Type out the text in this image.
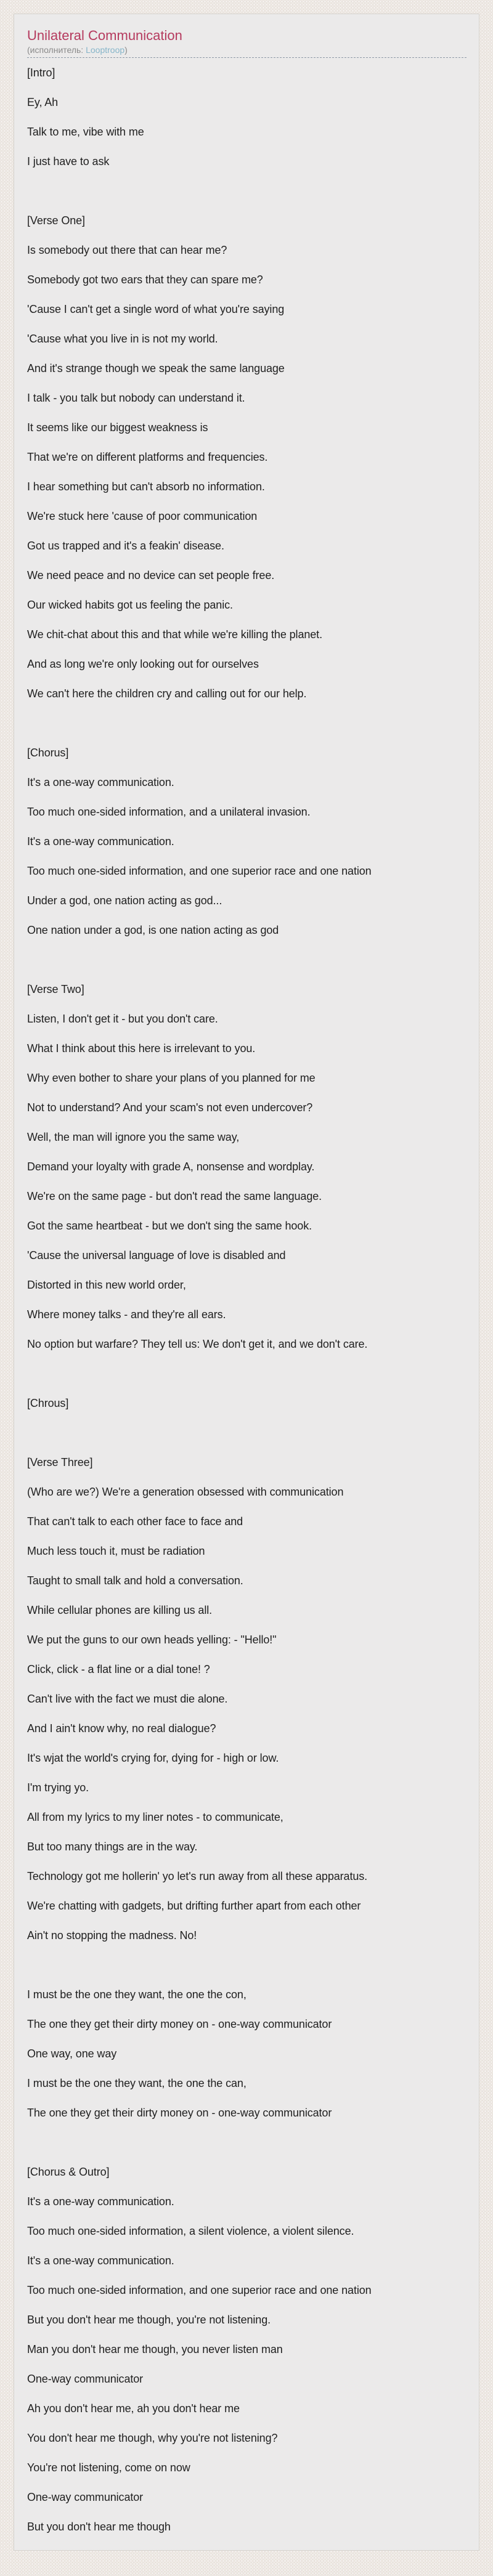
Unilateral Communication
(исполнитель: Looptroop)
[Intro]
Ey, Ah
Talk to me, vibe with me
I just have to ask
[Verse One]
Is somebody out there that can hear me?
Somebody got two ears that they can spare me?
'Cause I can't get a single word of what you're saying
'Cause what you live in is not my world.
And it's strange though we speak the same language
I talk - you talk but nobody can understand it.
It seems like our biggest weakness is
That we're on different platforms and frequencies.
I hear something but can't absorb no information.
We're stuck here 'cause of poor communication
Got us trapped and it's a feakin' disease.
We need peace and no device can set people free.
Our wicked habits got us feeling the panic.
We chit-chat about this and that while we're killing the planet.
And as long we're only looking out for ourselves
We can't here the children cry and calling out for our help.
[Chorus]
It's a one-way communication.
Too much one-sided information, and a unilateral invasion.
It's a one-way communication.
Too much one-sided information, and one superior race and one nation
Under a god, one nation acting as god...
One nation under a god, is one nation acting as god
[Verse Two]
Listen, I don't get it - but you don't care.
What I think about this here is irrelevant to you.
Why even bother to share your plans of you planned for me
Not to understand? And your scam's not even undercover?
Well, the man will ignore you the same way,
Demand your loyalty with grade A, nonsense and wordplay.
We're on the same page - but don't read the same language.
Got the same heartbeat - but we don't sing the same hook.
'Cause the universal language of love is disabled and
Distorted in this new world order,
Where money talks - and they're all ears.
No option but warfare? They tell us: We don't get it, and we don't care.
[Chrous]
[Verse Three]
(Who are we?) We're a generation obsessed with communication
That can't talk to each other face to face and
Much less touch it, must be radiation
Taught to small talk and hold a conversation.
While cellular phones are killing us all.
We put the guns to our own heads yelling: - "Hello!"
Click, click - a flat line or a dial tone! ?
Can't live with the fact we must die alone.
And I ain't know why, no real dialogue?
It's wjat the world's crying for, dying for - high or low.
I'm trying yo.
All from my lyrics to my liner notes - to communicate,
But too many things are in the way.
Technology got me hollerin' yo let's run away from all these apparatus.
We're chatting with gadgets, but drifting further apart from each other
Ain't no stopping the madness. No!
I must be the one they want, the one the con,
The one they get their dirty money on - one-way communicator
One way, one way
I must be the one they want, the one the can,
The one they get their dirty money on - one-way communicator
[Chorus & Outro]
It's a one-way communication.
Too much one-sided information, a silent violence, a violent silence.
It's a one-way communication.
Too much one-sided information, and one superior race and one nation
But you don't hear me though, you're not listening.
Man you don't hear me though, you never listen man
One-way communicator
Ah you don't hear me, ah you don't hear me
You don't hear me though, why you're not listening?
You're not listening, come on now
One-way communicator
But you don't hear me though
